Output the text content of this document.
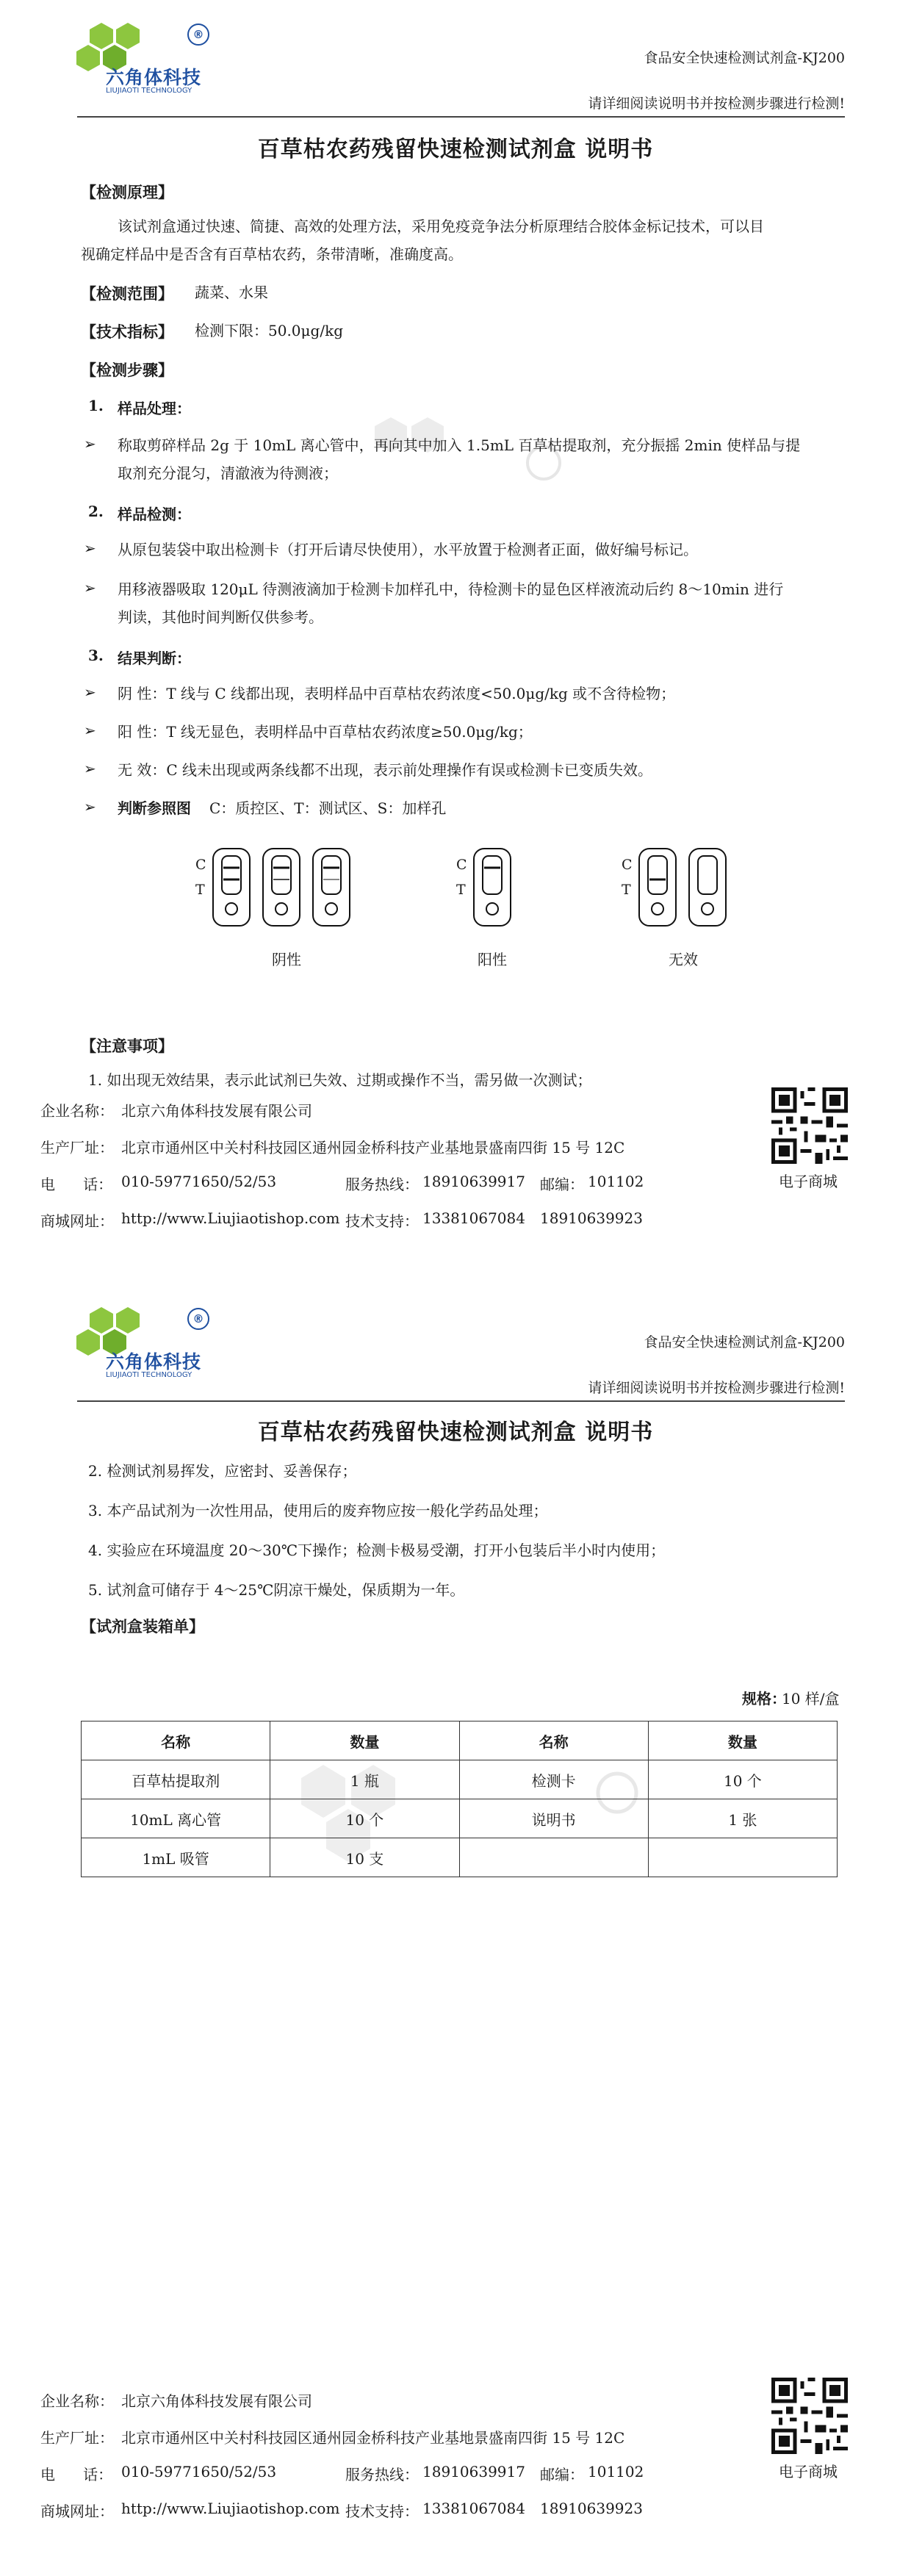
六角体科技
LIUJIAOTI TECHNOLOGY
®
食品安全快速检测试剂盒-KJ200
请详细阅读说明书并按检测步骤进行检测!
百草枯农药残留快速检测试剂盒 说明书
【检测原理】
该试剂盒通过快速、简捷、高效的处理方法，采用免疫竞争法分析原理结合胶体金标记技术，可以目
视确定样品中是否含有百草枯农药，条带清晰，准确度高。
【检测范围】 蔬菜、水果
【技术指标】 检测下限：50.0μg/kg
【检测步骤】
1. 样品处理：
➢ 称取剪碎样品 2g 于 10mL 离心管中，再向其中加入 1.5mL 百草枯提取剂，充分振摇 2min 使样品与提
取剂充分混匀，清澈液为待测液；
2. 样品检测：
➢ 从原包装袋中取出检测卡（打开后请尽快使用），水平放置于检测者正面，做好编号标记。
➢ 用移液器吸取 120μL 待测液滴加于检测卡加样孔中，待检测卡的显色区样液流动后约 8～10min 进行
判读，其他时间判断仅供参考。
3. 结果判断：
➢ 阴 性：T 线与 C 线都出现，表明样品中百草枯农药浓度<50.0μg/kg 或不含待检物；
➢ 阳 性：T 线无显色，表明样品中百草枯农药浓度≥50.0μg/kg；
➢ 无 效：C 线未出现或两条线都不出现，表示前处理操作有误或检测卡已变质失效。
➢ 判断参照图 C：质控区、T：测试区、S：加样孔
C
T
C
T
C
T
阴性	阳性	无效
【注意事项】
1. 如出现无效结果，表示此试剂已失效、过期或操作不当，需另做一次测试；
企业名称： 北京六角体科技发展有限公司
生产厂址： 北京市通州区中关村科技园区通州园金桥科技产业基地景盛南四街 15 号 12C
电      话： 010-59771650/52/53	服务热线： 18910639917 邮编： 101102
商城网址： http://www.Liujiaotishop.com 技术支持： 13381067084 18910639923
电子商城
六角体科技
LIUJIAOTI TECHNOLOGY
®
食品安全快速检测试剂盒-KJ200
请详细阅读说明书并按检测步骤进行检测!
百草枯农药残留快速检测试剂盒 说明书
2. 检测试剂易挥发，应密封、妥善保存；
3. 本产品试剂为一次性用品，使用后的废弃物应按一般化学药品处理；
4. 实验应在环境温度 20～30℃下操作；检测卡极易受潮，打开小包装后半小时内使用；
5. 试剂盒可储存于 4～25℃阴凉干燥处，保质期为一年。
【试剂盒装箱单】
规格：
10 样/盒
名称	数量	名称	数量
百草枯提取剂	1 瓶	检测卡	10 个
10mL 离心管	10 个	说明书	1 张
1mL 吸管	10 支		
企业名称： 北京六角体科技发展有限公司
生产厂址： 北京市通州区中关村科技园区通州园金桥科技产业基地景盛南四街 15 号 12C
电      话： 010-59771650/52/53	服务热线： 18910639917 邮编： 101102
商城网址： http://www.Liujiaotishop.com 技术支持： 13381067084 18910639923
电子商城
